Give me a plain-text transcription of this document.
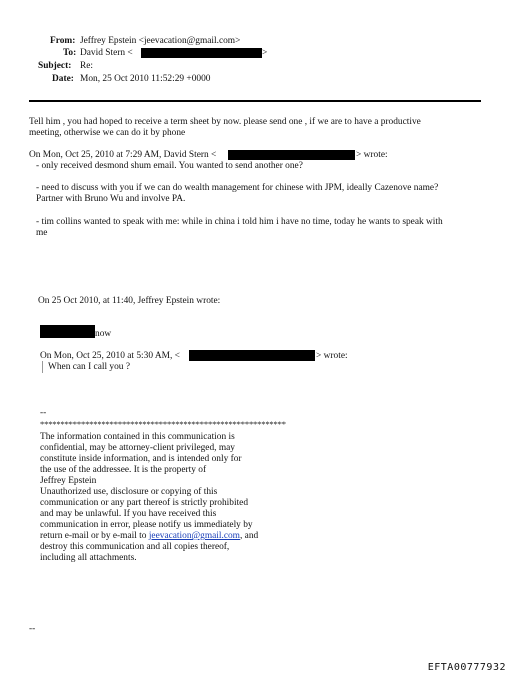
From: Jeffrey Epstein <jeevacation@gmail.com>
To: David Stern <	>
Subject: Re:
Date: Mon, 25 Oct 2010 11:52:29 +0000
Tell him , you had hoped to receive a term sheet by now. please send one , if we are to have a productive
meeting, otherwise we can do it by phone
On Mon, Oct 25, 2010 at 7:29 AM, David Stern <	> wrote:
- only received desmond shum email. You wanted to send another one?
- need to discuss with you if we can do wealth management for chinese with JPM, ideally Cazenove name?
Partner with Bruno Wu and involve PA.
- tim collins wanted to speak with me: while in china i told him i have no time, today he wants to speak with
me
On 25 Oct 2010, at 11:40, Jeffrey Epstein wrote:
now
On Mon, Oct 25, 2010 at 5:30 AM, <	> wrote:
When can I call you ?
--
************************************************************
The information contained in this communication is
confidential, may be attorney-client privileged, may
constitute inside information, and is intended only for
the use of the addressee. It is the property of
Jeffrey Epstein
Unauthorized use, disclosure or copying of this
communication or any part thereof is strictly prohibited
and may be unlawful. If you have received this
communication in error, please notify us immediately by
return e-mail or by e-mail to jeevacation@gmail.com, and
destroy this communication and all copies thereof,
including all attachments.
--
EFTA00777932
